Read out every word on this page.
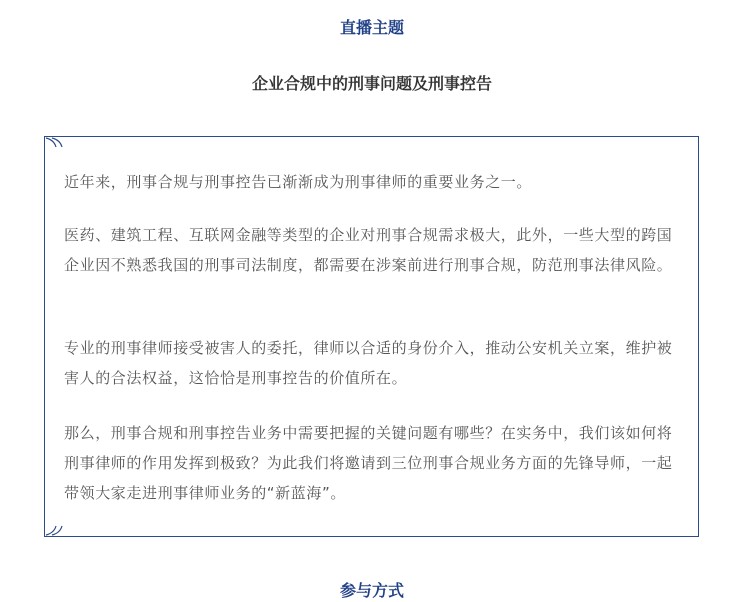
直播主题
企业合规中的刑事问题及刑事控告

近年来，刑事合规与刑事控告已渐渐成为刑事律师的重要业务之一。

医药、建筑工程、互联网金融等类型的企业对刑事合规需求极大，此外，一些大型的跨国企业因不熟悉我国的刑事司法制度，都需要在涉案前进行刑事合规，防范刑事法律风险。

专业的刑事律师接受被害人的委托，律师以合适的身份介入，推动公安机关立案，维护被害人的合法权益，这恰恰是刑事控告的价值所在。

那么，刑事合规和刑事控告业务中需要把握的关键问题有哪些？在实务中，我们该如何将刑事律师的作用发挥到极致？为此我们将邀请到三位刑事合规业务方面的先锋导师，一起带领大家走进刑事律师业务的“新蓝海”。

参与方式
